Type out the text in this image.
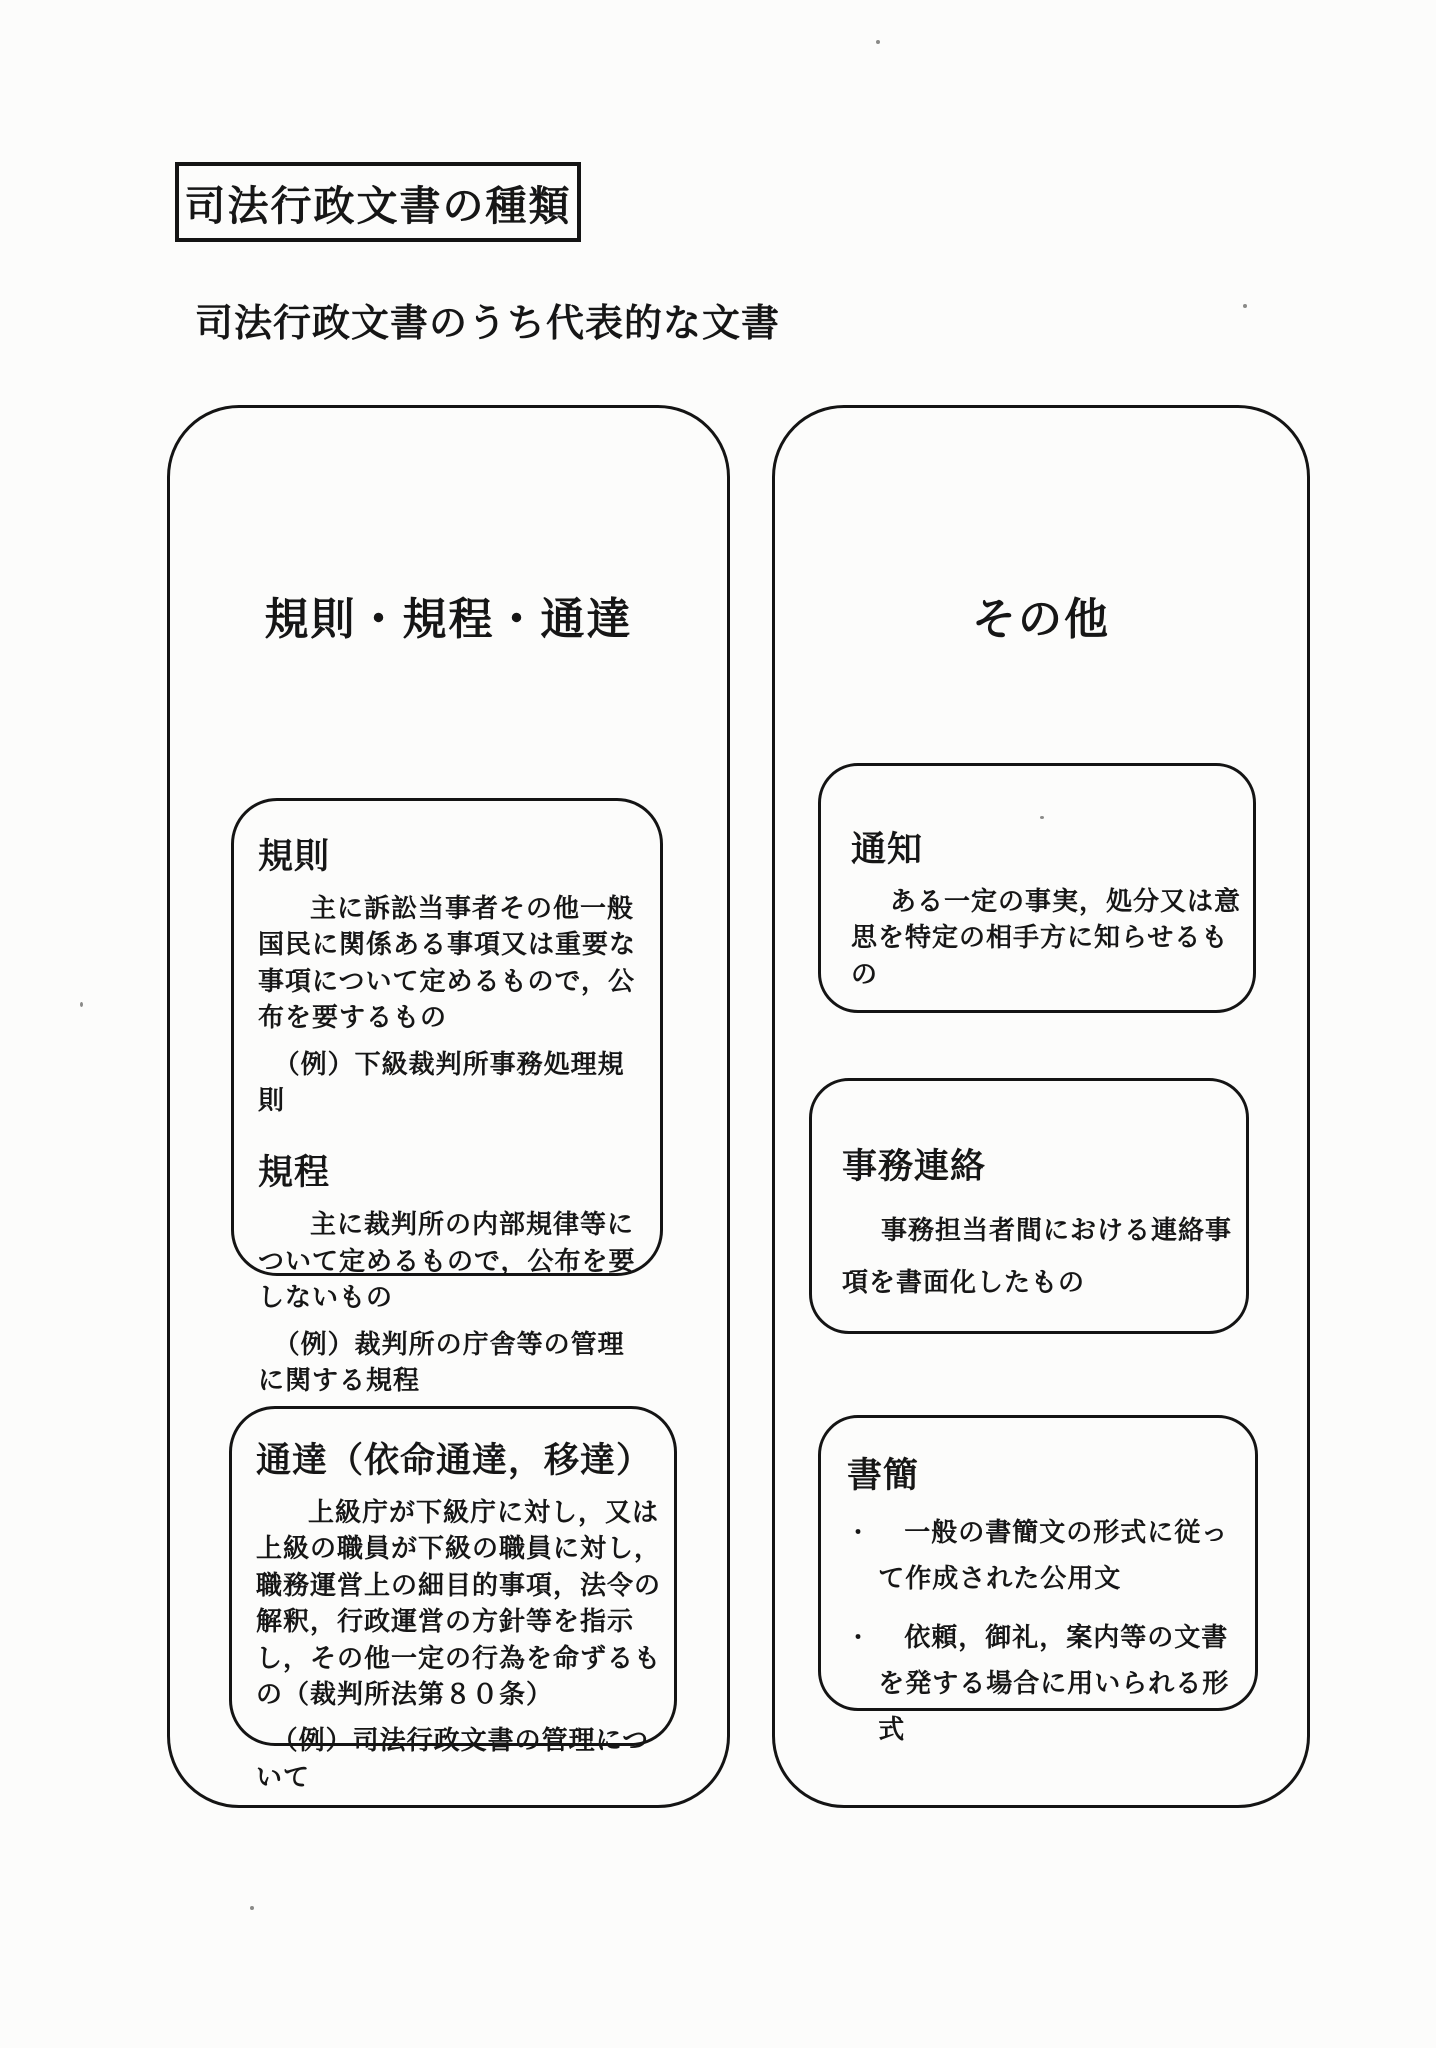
司法行政文書の種類
司法行政文書のうち代表的な文書
規則・規程・通達
規則

主に訴訟当事者その他一般国民に関係ある事項又は重要な事項について定めるもので，公布を要するもの

（例）下級裁判所事務処理規則

規程

主に裁判所の内部規律等について定めるもので，公布を要しないもの

（例）裁判所の庁舎等の管理に関する規程

通達（依命通達，移達）

上級庁が下級庁に対し，又は上級の職員が下級の職員に対し，職務運営上の細目的事項，法令の解釈，行政運営の方針等を指示し，その他一定の行為を命ずるもの（裁判所法第８０条）

（例）司法行政文書の管理について

その他
通知

ある一定の事実，処分又は意思を特定の相手方に知らせるもの

事務連絡

事務担当者間における連絡事項を書面化したもの

書簡

・ 一般の書簡文の形式に従って作成された公用文

・ 依頼，御礼，案内等の文書を発する場合に用いられる形式
